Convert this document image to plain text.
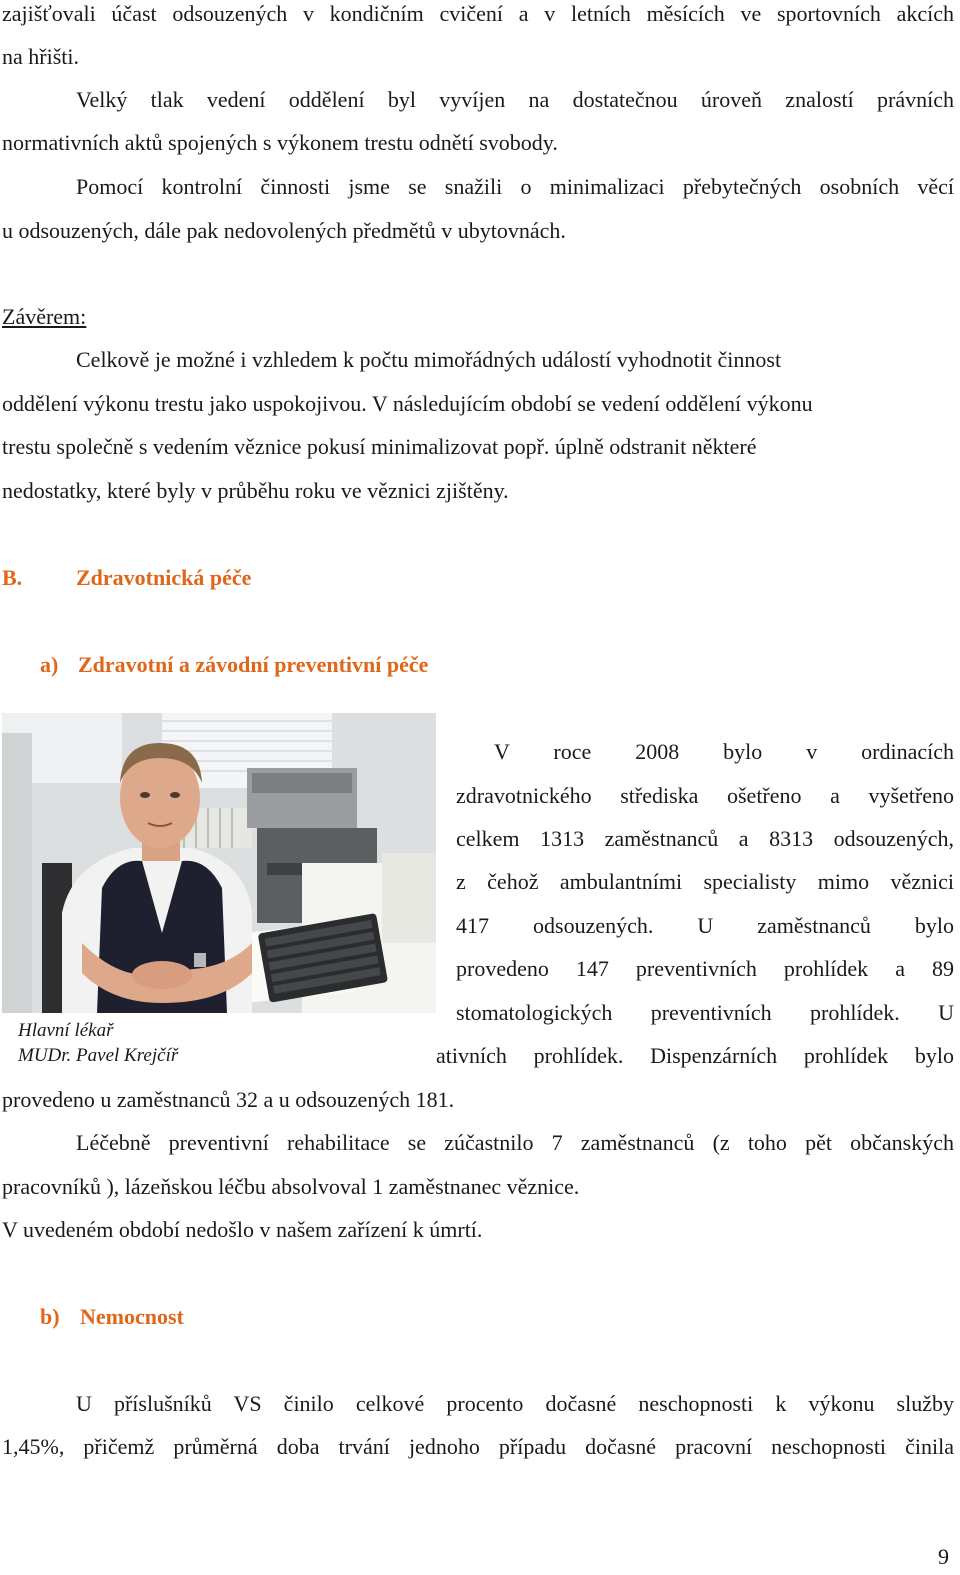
zajišťovali účast odsouzených v kondičním cvičení a v letních měsících ve sportovních akcích
na hřišti.
Velký tlak vedení oddělení byl vyvíjen na dostatečnou úroveň znalostí právních
normativních aktů spojených s výkonem trestu odnětí svobody.
Pomocí kontrolní činnosti jsme se snažili o minimalizaci přebytečných osobních věcí
u odsouzených, dále pak nedovolených předmětů v ubytovnách.
Závěrem:
Celkově je možné i vzhledem k počtu mimořádných událostí vyhodnotit činnost
oddělení výkonu trestu jako uspokojivou. V následujícím období se vedení oddělení výkonu
trestu společně s vedením věznice pokusí minimalizovat popř. úplně odstranit některé
nedostatky, které byly v průběhu roku ve věznici zjištěny.
B.	Zdravotnická péče
a) Zdravotní a závodní preventivní péče
Hlavní lékař
MUDr. Pavel Krejčíř
V roce 2008 bylo v ordinacích
zdravotnického střediska ošetřeno a vyšetřeno
celkem 1313 zaměstnanců a 8313 odsouzených,
z čehož ambulantními specialisty mimo věznici
417 odsouzených. U zaměstnanců bylo
provedeno 147 preventivních prohlídek a 89
stomatologických preventivních prohlídek. U
ativních prohlídek. Dispenzárních prohlídek bylo
provedeno u zaměstnanců 32 a u odsouzených 181.
Léčebně preventivní rehabilitace se zúčastnilo 7 zaměstnanců (z toho pět občanských
pracovníků ), lázeňskou léčbu absolvoval 1 zaměstnanec věznice.
V uvedeném období nedošlo v našem zařízení k úmrtí.
b) Nemocnost
U příslušníků VS činilo celkové procento dočasné neschopnosti k výkonu služby
1,45%, přičemž průměrná doba trvání jednoho případu dočasné pracovní neschopnosti činila
9
